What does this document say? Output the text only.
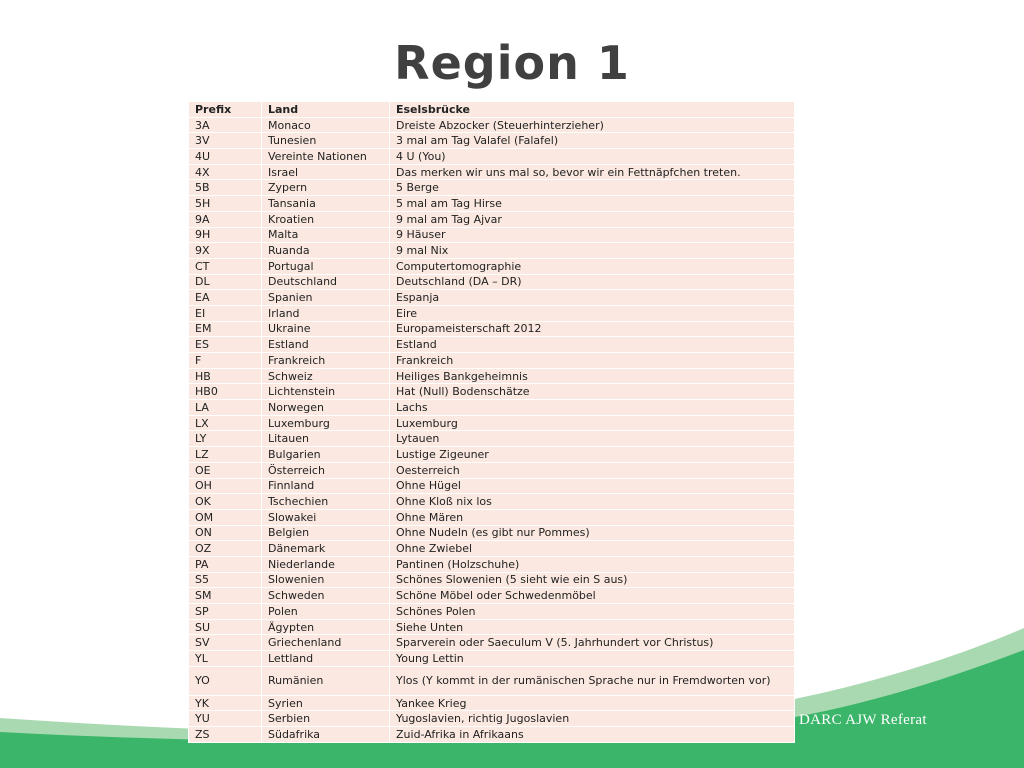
Region 1
Prefix	Land	Eselsbrücke
3A	Monaco	Dreiste Abzocker (Steuerhinterzieher)
3V	Tunesien	3 mal am Tag Valafel (Falafel)
4U	Vereinte Nationen	4 U (You)
4X	Israel	Das merken wir uns mal so, bevor wir ein Fettnäpfchen treten.
5B	Zypern	5 Berge
5H	Tansania	5 mal am Tag Hirse
9A	Kroatien	9 mal am Tag Ajvar
9H	Malta	9 Häuser
9X	Ruanda	9 mal Nix
CT	Portugal	Computertomographie
DL	Deutschland	Deutschland (DA – DR)
EA	Spanien	Espanja
EI	Irland	Eire
EM	Ukraine	Europameisterschaft 2012
ES	Estland	Estland
F	Frankreich	Frankreich
HB	Schweiz	Heiliges Bankgeheimnis
HB0	Lichtenstein	Hat (Null) Bodenschätze
LA	Norwegen	Lachs
LX	Luxemburg	Luxemburg
LY	Litauen	Lytauen
LZ	Bulgarien	Lustige Zigeuner
OE	Österreich	Oesterreich
OH	Finnland	Ohne Hügel
OK	Tschechien	Ohne Kloß nix los
OM	Slowakei	Ohne Mären
ON	Belgien	Ohne Nudeln (es gibt nur Pommes)
OZ	Dänemark	Ohne Zwiebel
PA	Niederlande	Pantinen (Holzschuhe)
S5	Slowenien	Schönes Slowenien (5 sieht wie ein S aus)
SM	Schweden	Schöne Möbel oder Schwedenmöbel
SP	Polen	Schönes Polen
SU	Ägypten	Siehe Unten
SV	Griechenland	Sparverein oder Saeculum V (5. Jahrhundert vor Christus)
YL	Lettland	Young Lettin
YO	Rumänien	Ylos (Y kommt in der rumänischen Sprache nur in Fremdworten vor)
YK	Syrien	Yankee Krieg
YU	Serbien	Yugoslavien, richtig Jugoslavien
ZS	Südafrika	Zuid-Afrika in Afrikaans
DARC AJW Referat
